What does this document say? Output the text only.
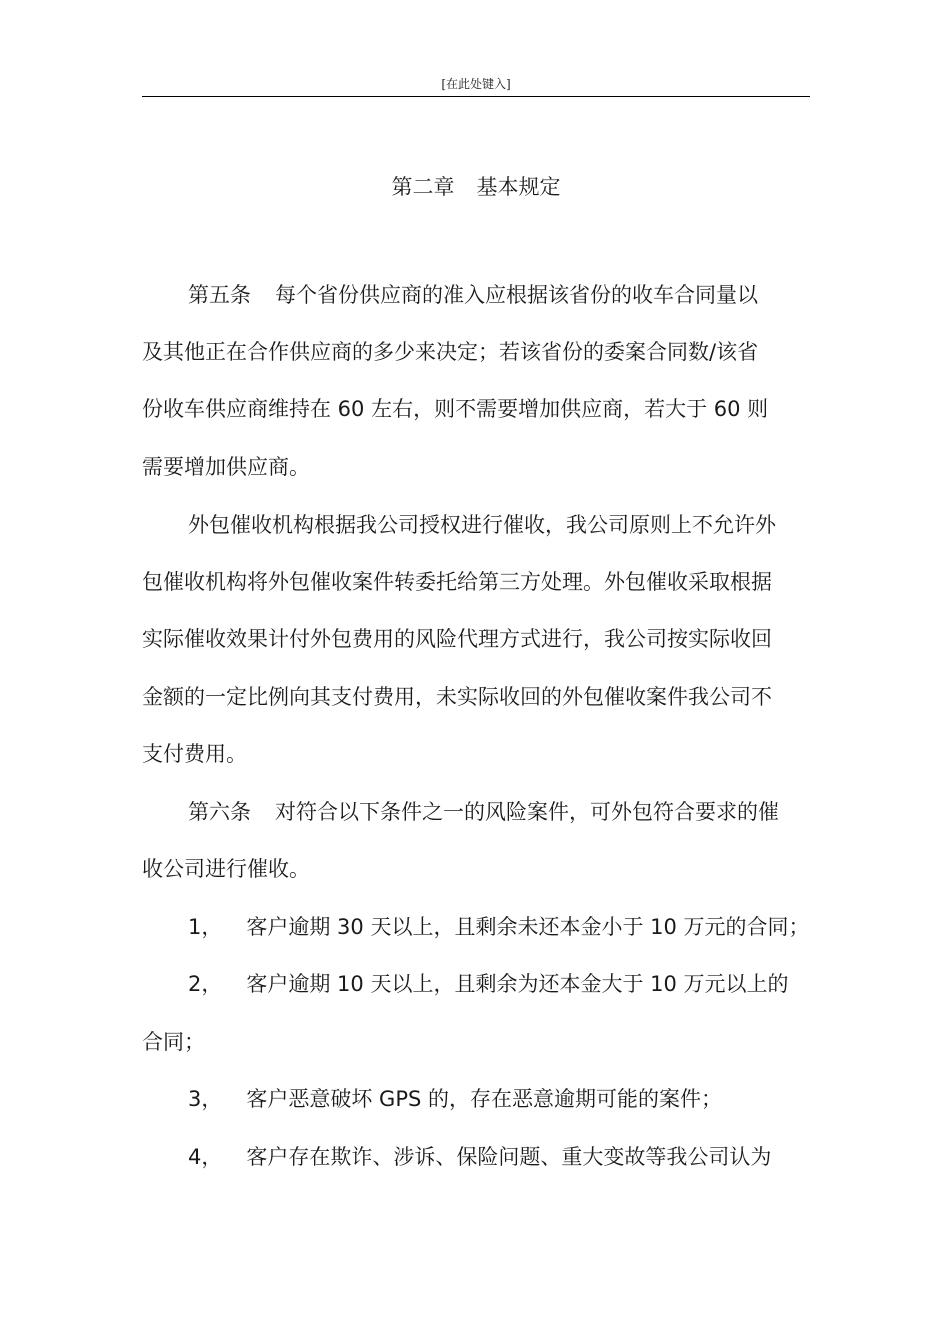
[在此处键入]
第二章 基本规定
第五条 每个省份供应商的准入应根据该省份的收车合同量以
及其他正在合作供应商的多少来决定；若该省份的委案合同数/该省
份收车供应商维持在 60 左右，则不需要增加供应商，若大于 60 则
需要增加供应商。
外包催收机构根据我公司授权进行催收，我公司原则上不允许外
包催收机构将外包催收案件转委托给第三方处理。外包催收采取根据
实际催收效果计付外包费用的风险代理方式进行，我公司按实际收回
金额的一定比例向其支付费用，未实际收回的外包催收案件我公司不
支付费用。
第六条 对符合以下条件之一的风险案件，可外包符合要求的催
收公司进行催收。
1， 客户逾期 30 天以上，且剩余未还本金小于 10 万元的合同；
2， 客户逾期 10 天以上，且剩余为还本金大于 10 万元以上的
合同；
3， 客户恶意破坏 GPS 的，存在恶意逾期可能的案件；
4， 客户存在欺诈、涉诉、保险问题、重大变故等我公司认为
